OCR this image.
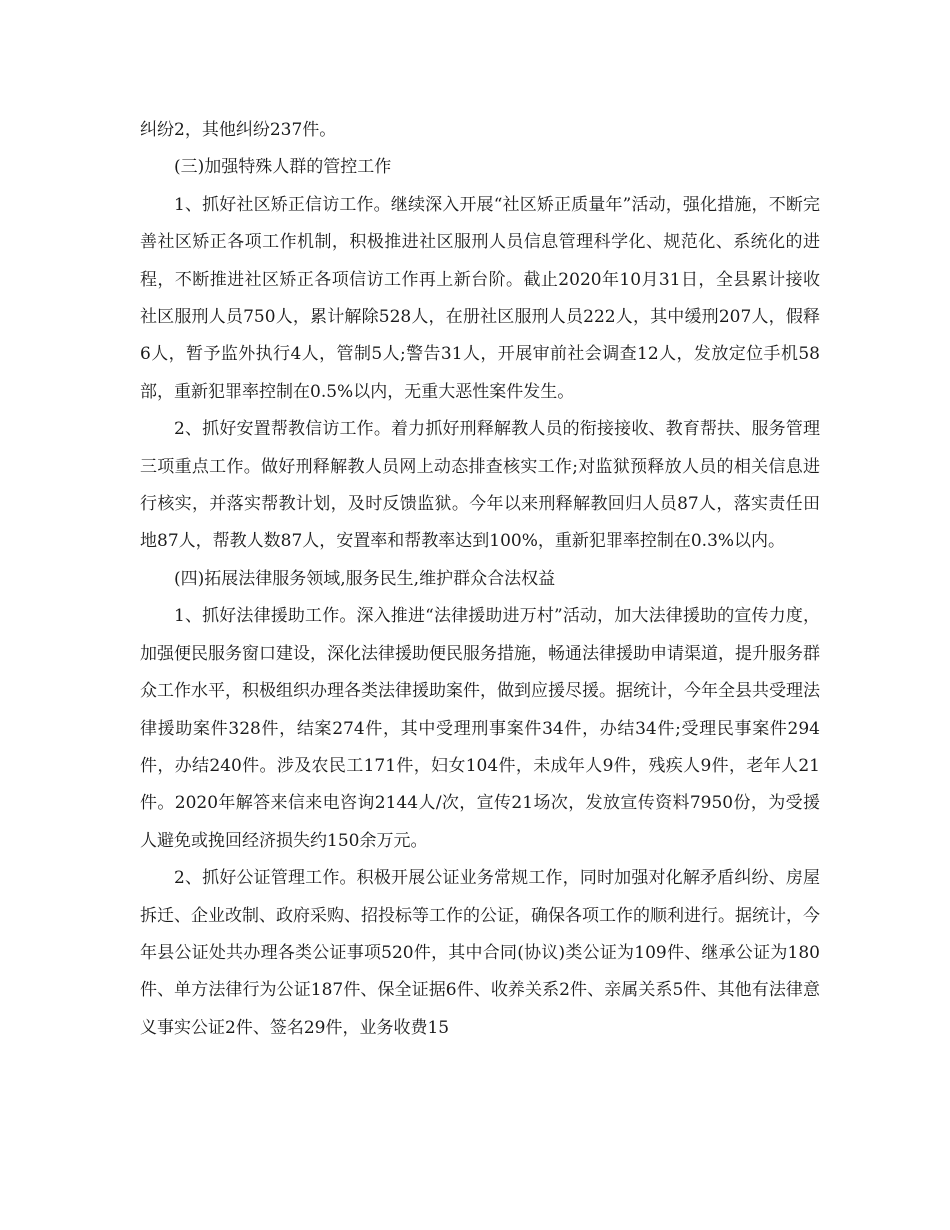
纠纷2，其他纠纷237件。

(三)加强特殊人群的管控工作

1、抓好社区矫正信访工作。继续深入开展“社区矫正质量年”活动，强化措施，不断完善社区矫正各项工作机制，积极推进社区服刑人员信息管理科学化、规范化、系统化的进程，不断推进社区矫正各项信访工作再上新台阶。截止2020年10月31日，全县累计接收社区服刑人员750人，累计解除528人，在册社区服刑人员222人，其中缓刑207人，假释6人，暂予监外执行4人，管制5人;警告31人，开展审前社会调查12人，发放定位手机58部，重新犯罪率控制在0.5%以内，无重大恶性案件发生。

2、抓好安置帮教信访工作。着力抓好刑释解教人员的衔接接收、教育帮扶、服务管理三项重点工作。做好刑释解教人员网上动态排查核实工作;对监狱预释放人员的相关信息进行核实，并落实帮教计划，及时反馈监狱。今年以来刑释解教回归人员87人，落实责任田地87人，帮教人数87人，安置率和帮教率达到100%，重新犯罪率控制在0.3%以内。

(四)拓展法律服务领域,服务民生,维护群众合法权益

1、抓好法律援助工作。深入推进“法律援助进万村”活动，加大法律援助的宣传力度，加强便民服务窗口建设，深化法律援助便民服务措施，畅通法律援助申请渠道，提升服务群众工作水平，积极组织办理各类法律援助案件，做到应援尽援。据统计，今年全县共受理法律援助案件328件，结案274件，其中受理刑事案件34件，办结34件;受理民事案件294件，办结240件。涉及农民工171件，妇女104件，未成年人9件，残疾人9件，老年人21件。2020年解答来信来电咨询2144人/次，宣传21场次，发放宣传资料7950份，为受援人避免或挽回经济损失约150余万元。

2、抓好公证管理工作。积极开展公证业务常规工作，同时加强对化解矛盾纠纷、房屋拆迁、企业改制、政府采购、招投标等工作的公证，确保各项工作的顺利进行。据统计，今年县公证处共办理各类公证事项520件，其中合同(协议)类公证为109件、继承公证为180件、单方法律行为公证187件、保全证据6件、收养关系2件、亲属关系5件、其他有法律意义事实公证2件、签名29件，业务收费15
